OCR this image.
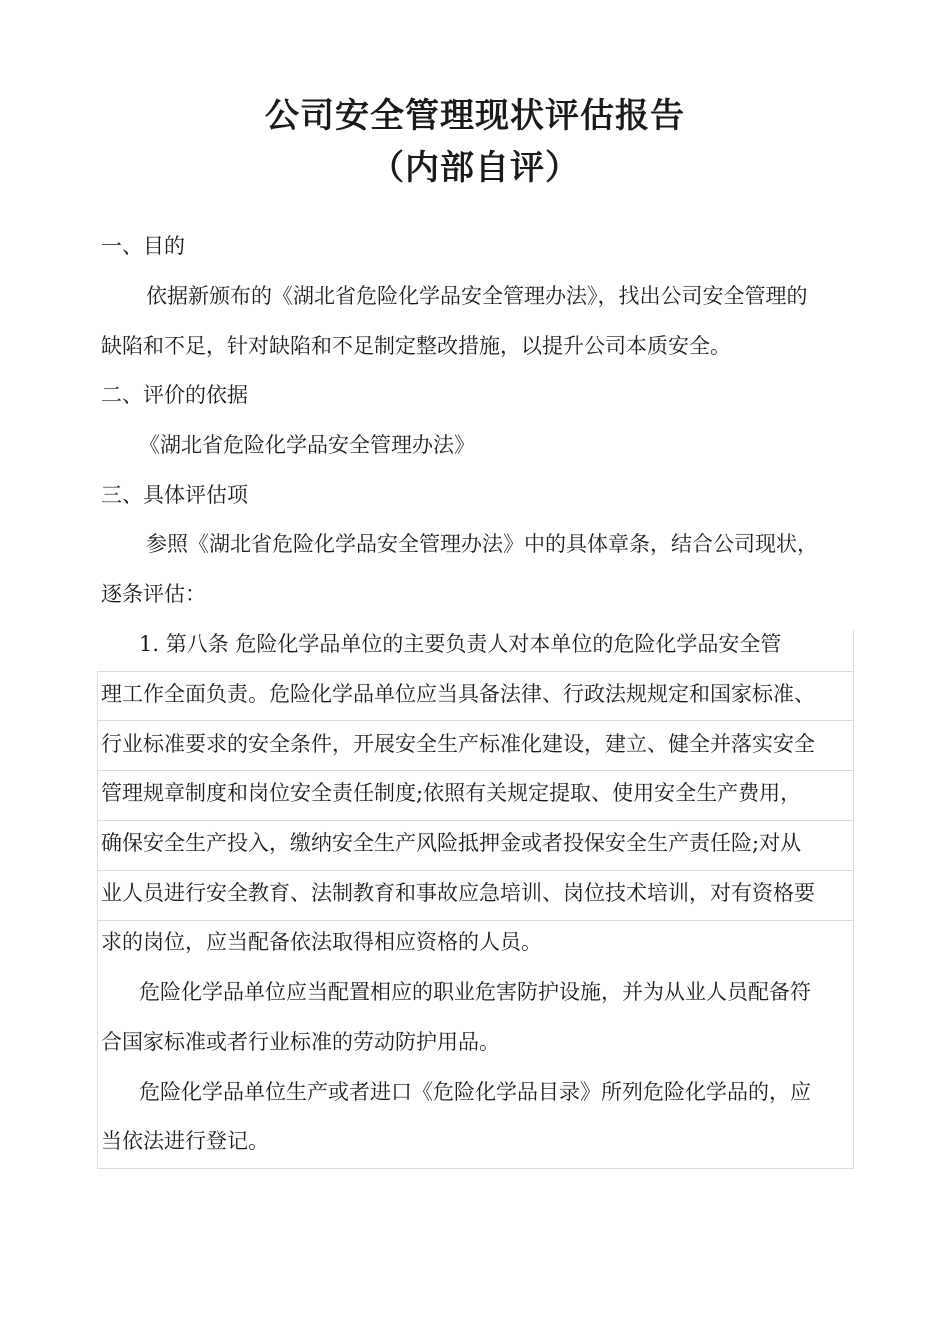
公司安全管理现状评估报告
（内部自评）
一、目的
依据新颁布的《湖北省危险化学品安全管理办法》，找出公司安全管理的
缺陷和不足，针对缺陷和不足制定整改措施，以提升公司本质安全。
二、评价的依据
《湖北省危险化学品安全管理办法》
三、具体评估项
参照《湖北省危险化学品安全管理办法》中的具体章条，结合公司现状，
逐条评估：
1. 第八条 危险化学品单位的主要负责人对本单位的危险化学品安全管
理工作全面负责。危险化学品单位应当具备法律、行政法规规定和国家标准、
行业标准要求的安全条件，开展安全生产标准化建设，建立、健全并落实安全
管理规章制度和岗位安全责任制度;依照有关规定提取、使用安全生产费用，
确保安全生产投入，缴纳安全生产风险抵押金或者投保安全生产责任险;对从
业人员进行安全教育、法制教育和事故应急培训、岗位技术培训，对有资格要
求的岗位，应当配备依法取得相应资格的人员。
危险化学品单位应当配置相应的职业危害防护设施，并为从业人员配备符
合国家标准或者行业标准的劳动防护用品。
危险化学品单位生产或者进口《危险化学品目录》所列危险化学品的，应
当依法进行登记。
